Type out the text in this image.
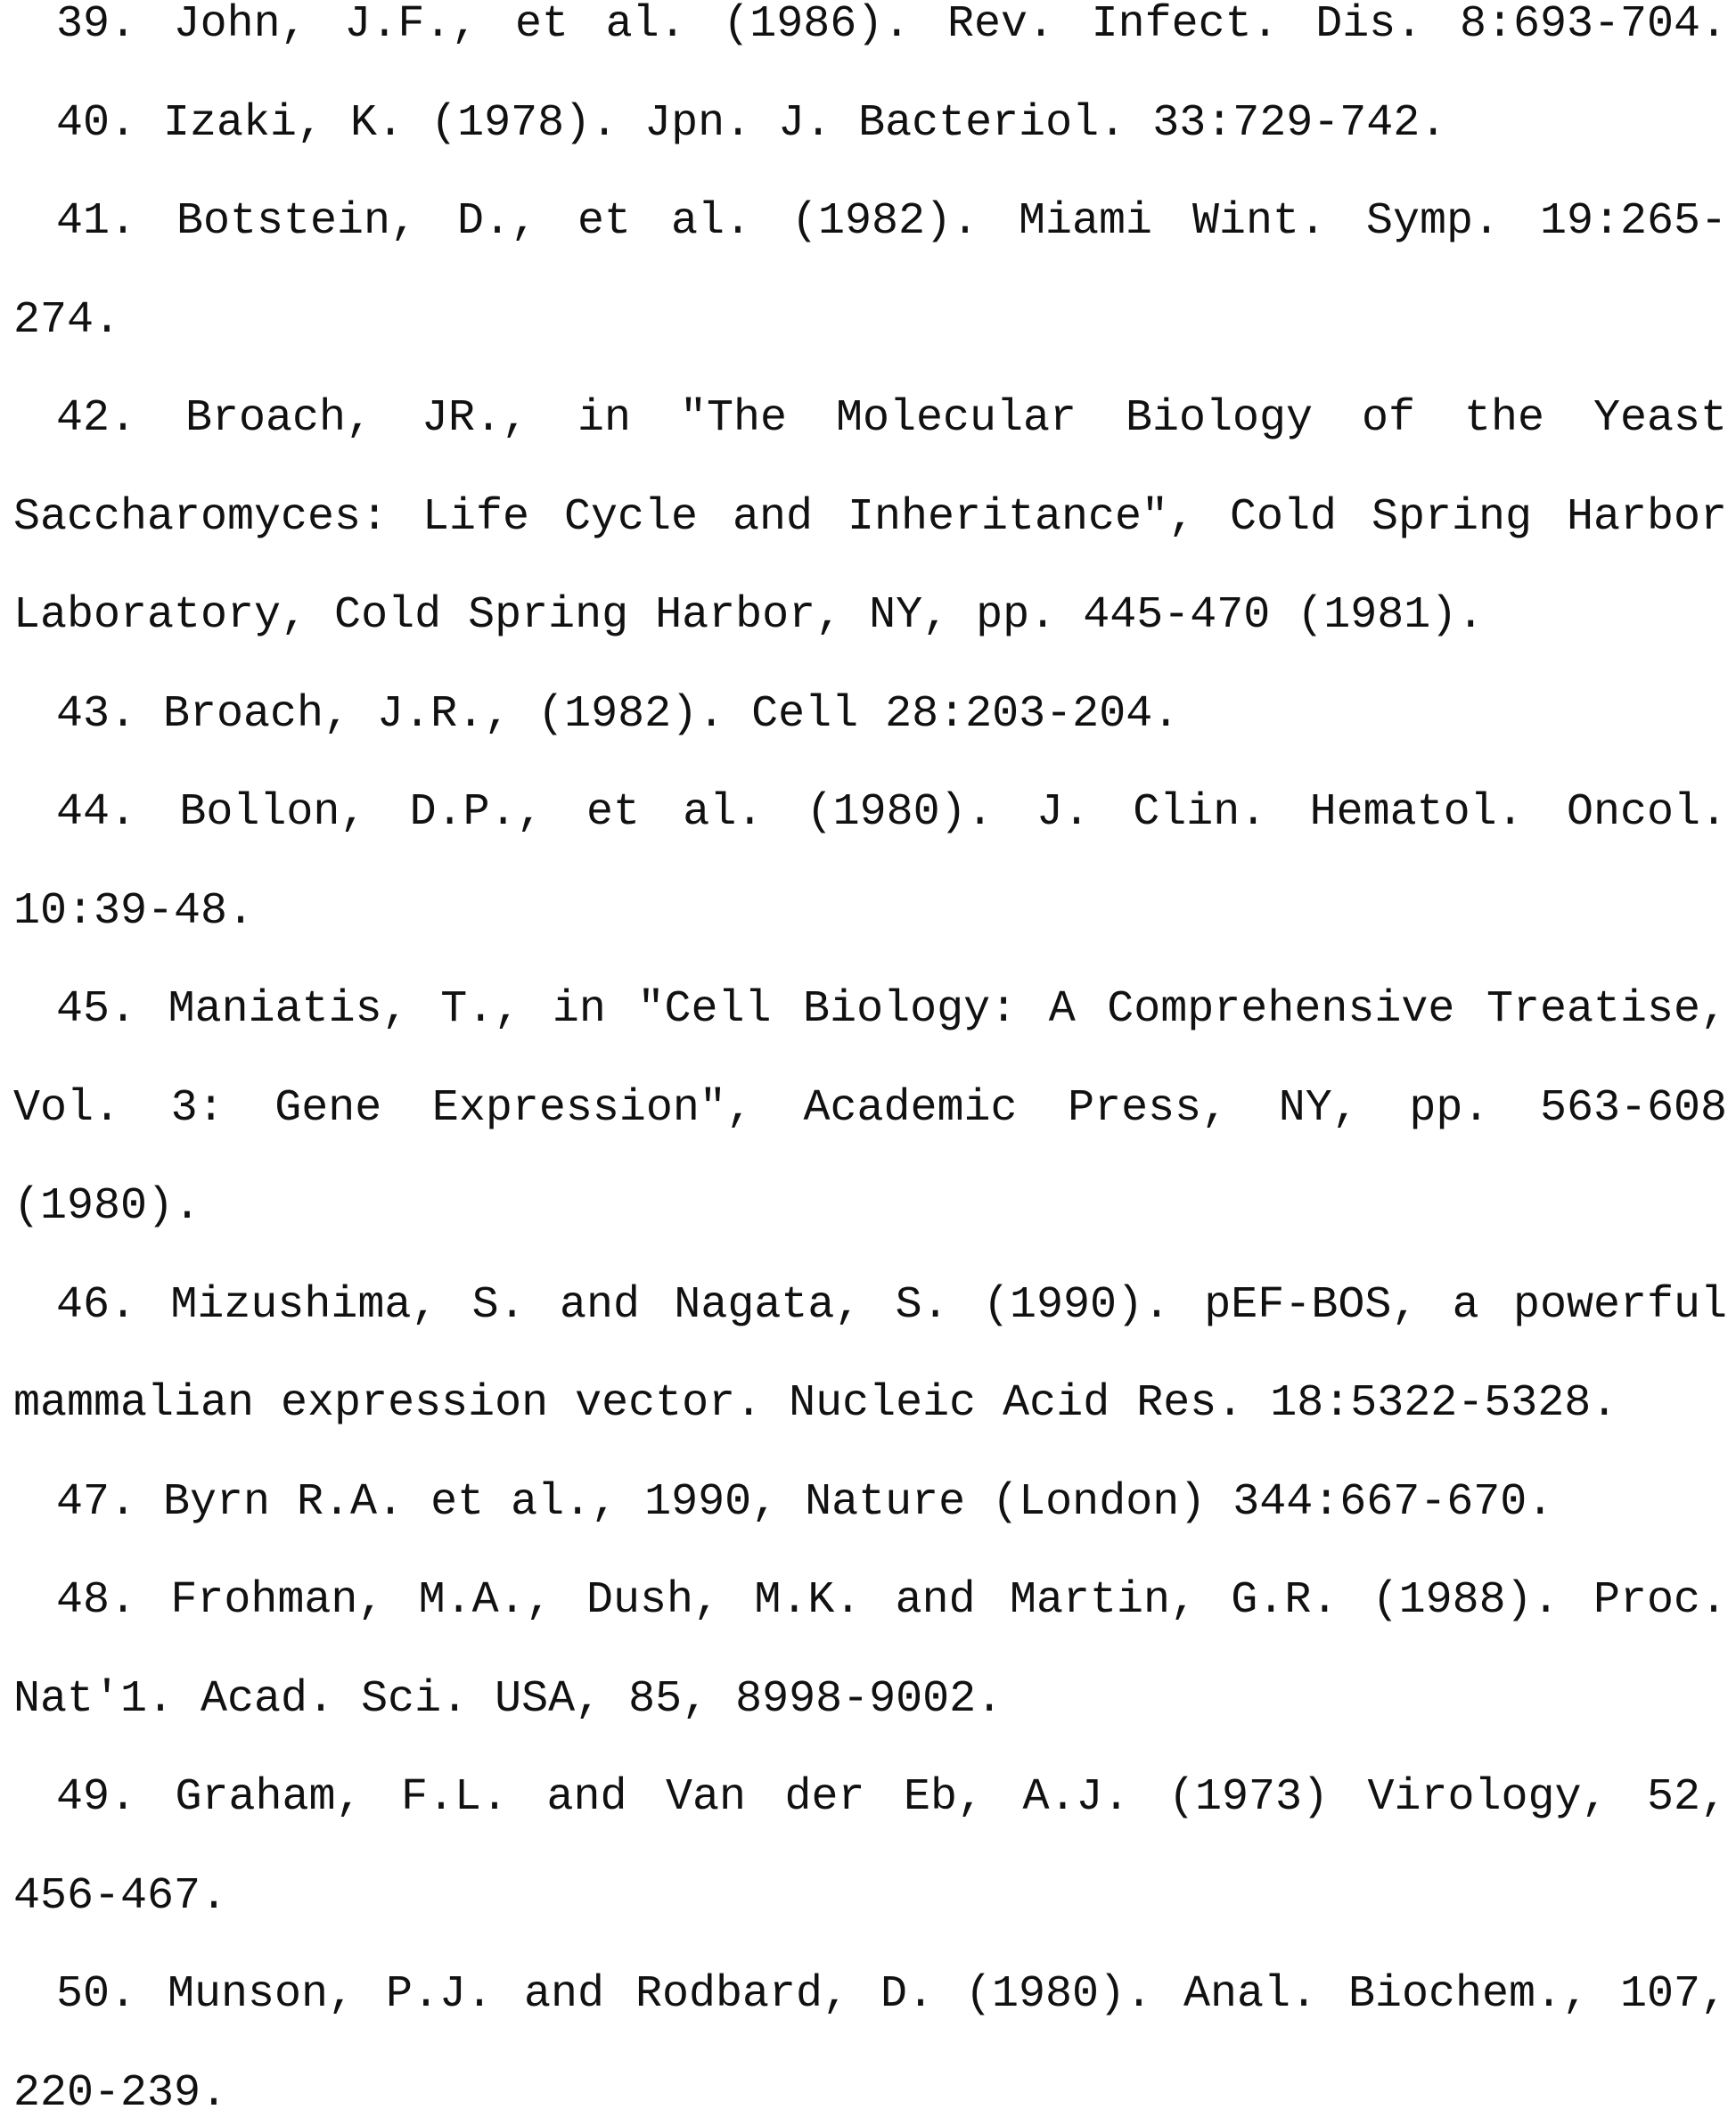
39. John, J.F., et al. (1986). Rev. Infect. Dis. 8:693-704.
40. Izaki, K. (1978). Jpn. J. Bacteriol. 33:729-742.
41. Botstein, D., et al. (1982). Miami Wint. Symp. 19:265-
274.
42. Broach, JR., in "The Molecular Biology of the Yeast
Saccharomyces: Life Cycle and Inheritance", Cold Spring Harbor
Laboratory, Cold Spring Harbor, NY, pp. 445-470 (1981).
43. Broach, J.R., (1982). Cell 28:203-204.
44. Bollon, D.P., et al. (1980). J. Clin. Hematol. Oncol.
10:39-48.
45. Maniatis, T., in "Cell Biology: A Comprehensive Treatise,
Vol. 3: Gene Expression", Academic Press, NY, pp. 563-608
(1980).
46. Mizushima, S. and Nagata, S. (1990). pEF-BOS, a powerful
mammalian expression vector. Nucleic Acid Res. 18:5322-5328.
47. Byrn R.A. et al., 1990, Nature (London) 344:667-670.
48. Frohman, M.A., Dush, M.K. and Martin, G.R. (1988). Proc.
Nat'1. Acad. Sci. USA, 85, 8998-9002.
49. Graham, F.L. and Van der Eb, A.J. (1973) Virology, 52,
456-467.
50. Munson, P.J. and Rodbard, D. (1980). Anal. Biochem., 107,
220-239.
